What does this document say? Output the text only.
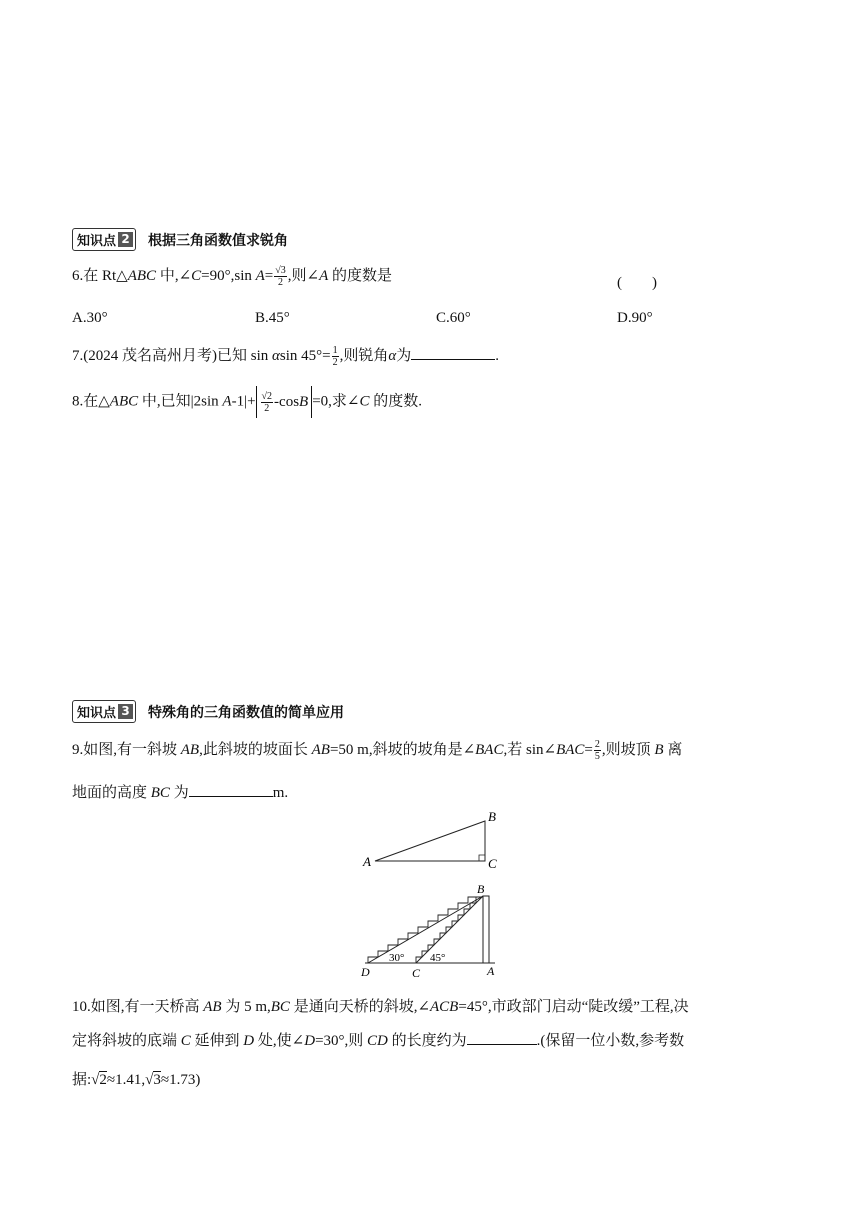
知识点 2 根据三角函数值求锐角
6.在 Rt△ABC 中,∠C=90°,sin $A= \frac{√3}{2}$ ,则∠A 的度数是	(　　)
A.30°	B.45°	C.60°	D.90°
7.(2024 茂名高州月考)已知 sin αsin $45^\circ= \frac{1}{2}$ ,则锐角α为	.
8.在△ABC 中,已知|2sin $A-1|+ \frac{√2}{2} -\cos B =0$,求∠C 的度数.
知识点 3 特殊角的三角函数值的简单应用
9.如图,有一斜坡 AB,此斜坡的坡面长 AB=50 m,斜坡的坡角是∠BAC,若 sin∠BAC= $\frac{2}{5}$ ,则坡顶 B 离
地面的高度 BC 为	m.
A
B
C
B
D	C	A
30° 45°
10.如图,有一天桥高 AB 为 5 m,BC 是通向天桥的斜坡,∠ACB=45°,市政部门启动“陡改缓”工程,决
定将斜坡的底端 C 延伸到 D 处,使∠D=30°,则 CD 的长度约为	.(保留一位小数,参考数
据:√2≈1.41,√3≈1.73)
